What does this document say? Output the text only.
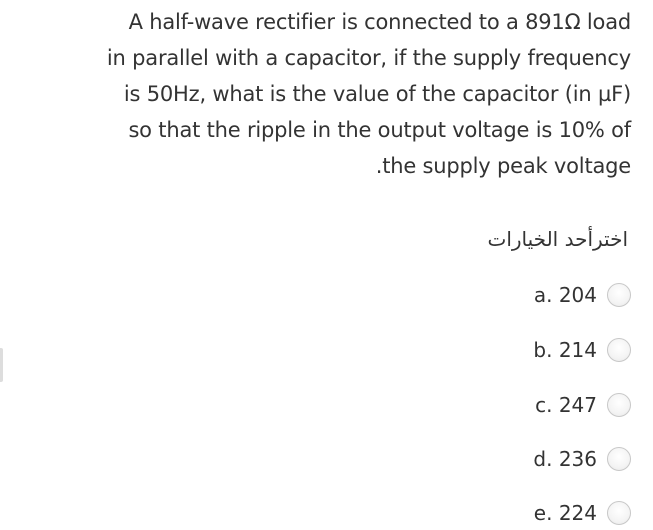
A half-wave rectifier is connected to a 891Ω load
in parallel with a capacitor, if the supply frequency
is 50Hz, what is the value of the capacitor (in µF)
so that the ripple in the output voltage is 10% of
.the supply peak voltage
اخترأحد الخيارات
a. 204
b. 214
c. 247
d. 236
e. 224
